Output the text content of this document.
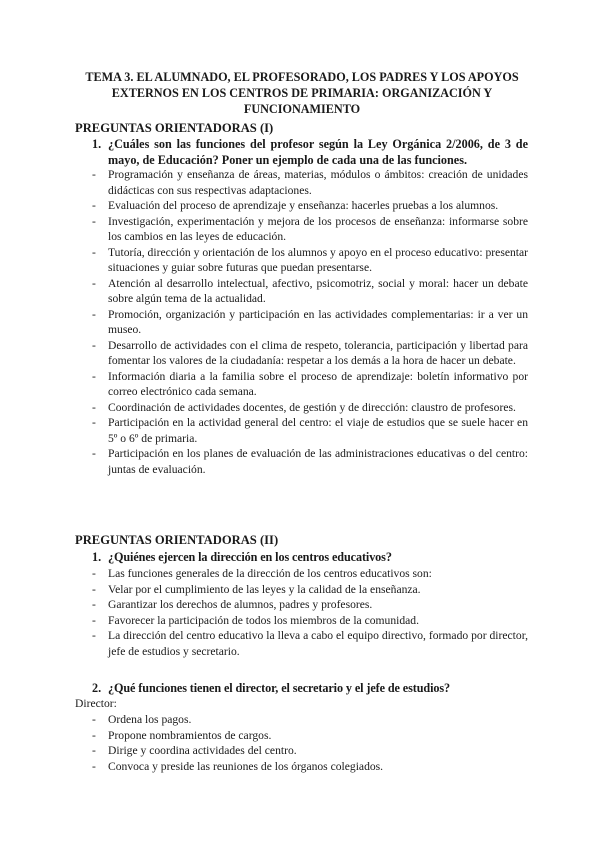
TEMA 3. EL ALUMNADO, EL PROFESORADO, LOS PADRES Y LOS APOYOS EXTERNOS EN LOS CENTROS DE PRIMARIA: ORGANIZACIÓN Y FUNCIONAMIENTO
PREGUNTAS ORIENTADORAS (I)
1. ¿Cuáles son las funciones del profesor según la Ley Orgánica 2/2006, de 3 de mayo, de Educación? Poner un ejemplo de cada una de las funciones.
- Programación y enseñanza de áreas, materias, módulos o ámbitos: creación de unidades didácticas con sus respectivas adaptaciones.
- Evaluación del proceso de aprendizaje y enseñanza: hacerles pruebas a los alumnos.
- Investigación, experimentación y mejora de los procesos de enseñanza: informarse sobre los cambios en las leyes de educación.
- Tutoría, dirección y orientación de los alumnos y apoyo en el proceso educativo: presentar situaciones y guiar sobre futuras que puedan presentarse.
- Atención al desarrollo intelectual, afectivo, psicomotriz, social y moral: hacer un debate sobre algún tema de la actualidad.
- Promoción, organización y participación en las actividades complementarias: ir a ver un museo.
- Desarrollo de actividades con el clima de respeto, tolerancia, participación y libertad para fomentar los valores de la ciudadanía: respetar a los demás a la hora de hacer un debate.
- Información diaria a la familia sobre el proceso de aprendizaje: boletín informativo por correo electrónico cada semana.
- Coordinación de actividades docentes, de gestión y de dirección: claustro de profesores.
- Participación en la actividad general del centro: el viaje de estudios que se suele hacer en 5º o 6º de primaria.
- Participación en los planes de evaluación de las administraciones educativas o del centro: juntas de evaluación.
PREGUNTAS ORIENTADORAS (II)
1. ¿Quiénes ejercen la dirección en los centros educativos?
- Las funciones generales de la dirección de los centros educativos son:
- Velar por el cumplimiento de las leyes y la calidad de la enseñanza.
- Garantizar los derechos de alumnos, padres y profesores.
- Favorecer la participación de todos los miembros de la comunidad.
- La dirección del centro educativo la lleva a cabo el equipo directivo, formado por director, jefe de estudios y secretario.
2. ¿Qué funciones tienen el director, el secretario y el jefe de estudios?
Director:
- Ordena los pagos.
- Propone nombramientos de cargos.
- Dirige y coordina actividades del centro.
- Convoca y preside las reuniones de los órganos colegiados.
